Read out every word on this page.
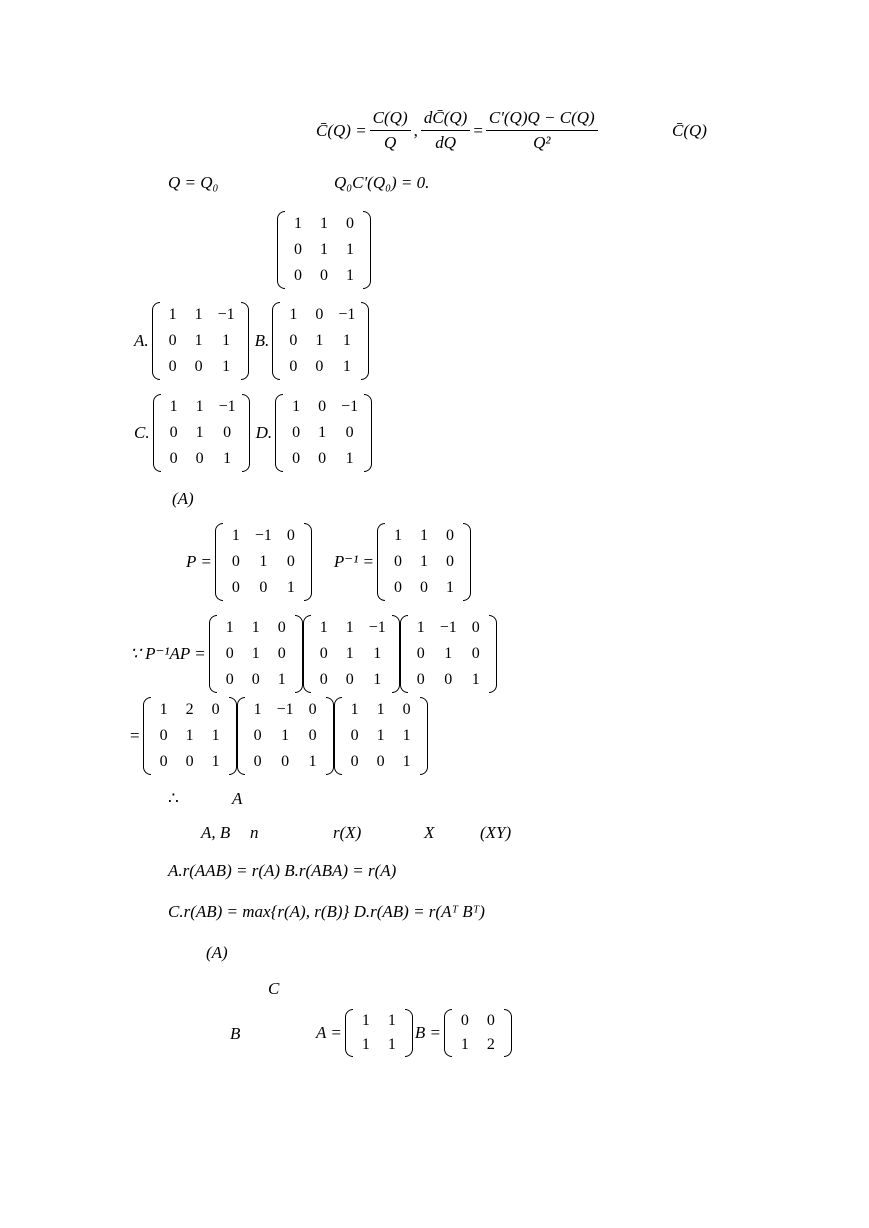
C̄(Q) = $\frac{C(Q)}{Q}$ , $\frac{dC̄(Q)}{dQ} = \frac{C'(Q)Q - C(Q)}{\text{Q²}}$	C̄(Q)
Q = Q₀	Q₀C'(Q₀) = 0.
1	1	0
0	1	1
0	0	1
A.
1	1	−1
0	1	1
0	0	1
B.
1	0	−1
0	1	1
0	0	1
C.
1	1	−1
0	1	0
0	0	1
D.
1	0	−1
0	1	0
0	0	1
(A)
P =
1	−1	0
0	1	0
0	0	1
P⁻¹ =
1	1	0
0	1	0
0	0	1
∵ P⁻¹AP =
1	1	0
0	1	0
0	0	1
1	1	−1
0	1	1
0	0	1
1	−1	0
0	1	0
0	0	1
=
1	2	0
0	1	1
0	0	1
1	−1	0
0	1	0
0	0	1
1	1	0
0	1	1
0	0	1
∴	A
A, B n	r(X)	X	(XY)
A.r(AAB) = r(A) B.r(ABA) = r(A)
C.r(AB) = max{r(A), r(B)} D.r(AB) = r(Aᵀ Bᵀ)
(A)
C
B	A =
1	1
1	1
B =
0	0
1	2
